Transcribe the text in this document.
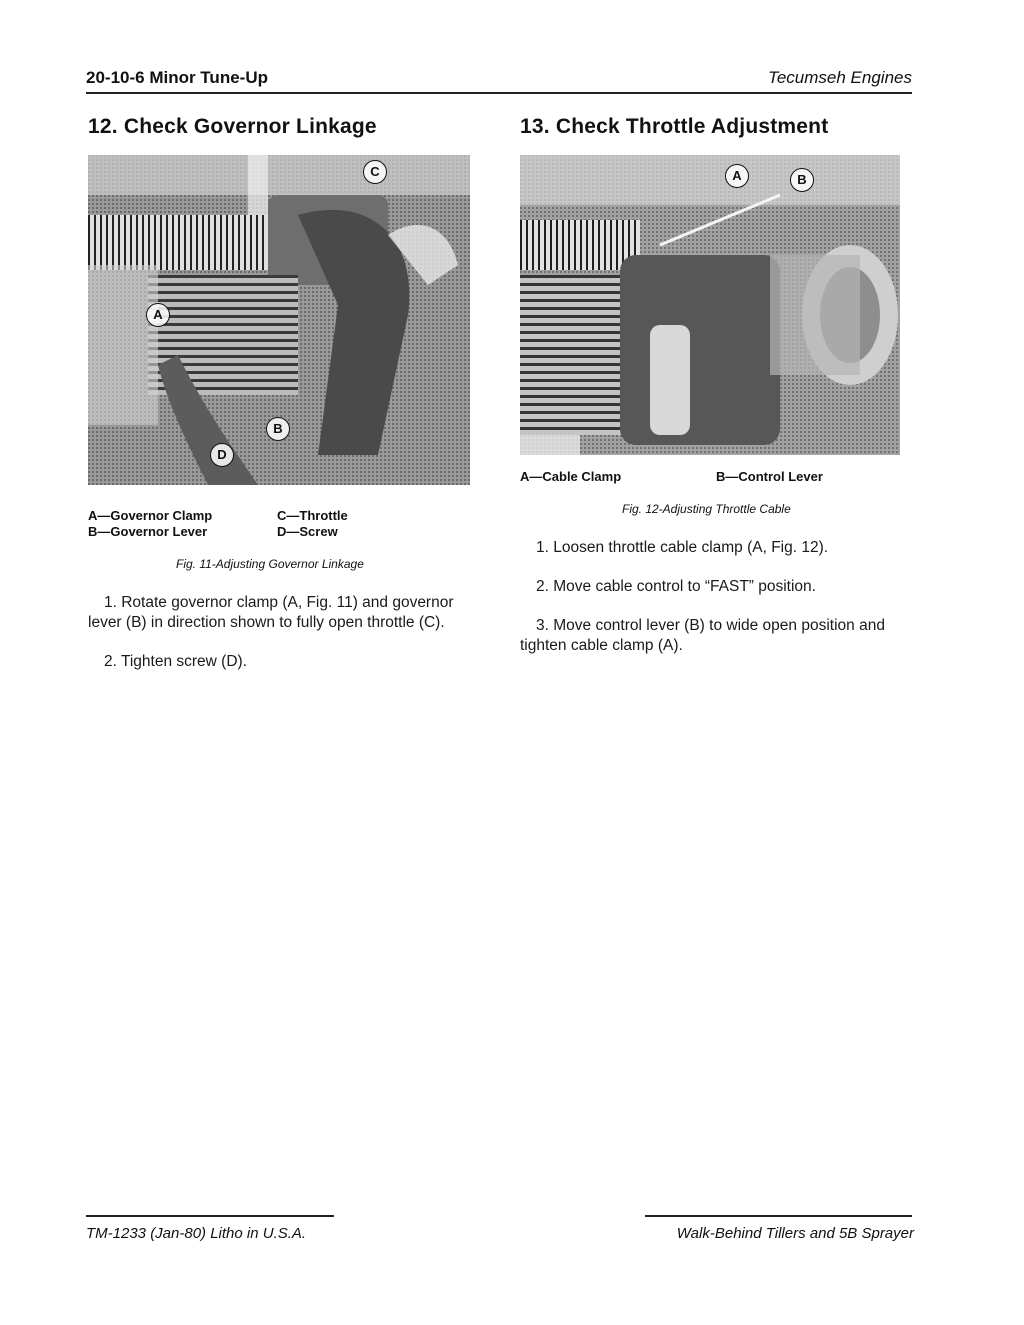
20-10-6 Minor Tune-Up	Tecumseh Engines
12. Check Governor Linkage
C
A
B
D
A—Governor Clamp
B—Governor Lever
C—Throttle
D—Screw
Fig. 11-Adjusting Governor Linkage
1. Rotate governor clamp (A, Fig. 11) and governor lever (B) in direction shown to fully open throttle (C).
2. Tighten screw (D).
13. Check Throttle Adjustment
A	B
A—Cable Clamp	B—Control Lever
Fig. 12-Adjusting Throttle Cable
1. Loosen throttle cable clamp (A, Fig. 12).
2. Move cable control to “FAST” position.
3. Move control lever (B) to wide open position and tighten cable clamp (A).
TM-1233 (Jan-80) Litho in U.S.A.	Walk-Behind Tillers and 5B Sprayer
